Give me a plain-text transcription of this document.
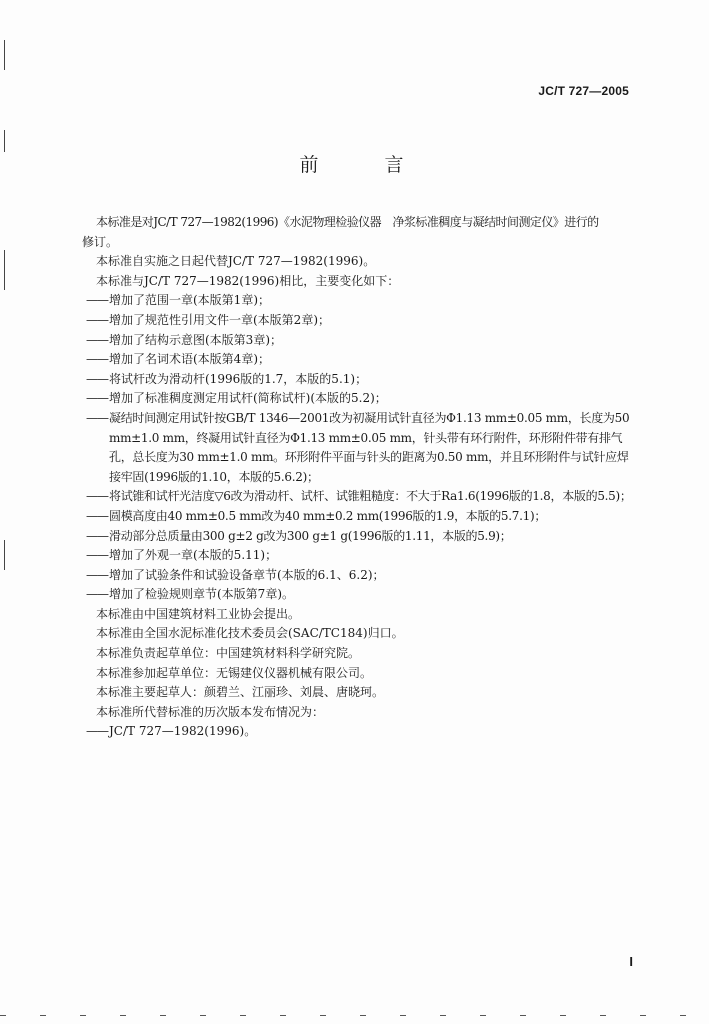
JC/T 727—2005
前 言

本标准是对JC/T 727—1982(1996)《水泥物理检验仪器　净浆标准稠度与凝结时间测定仪》进行的

修订。

本标准自实施之日起代替JC/T 727—1982(1996)。

本标准与JC/T 727—1982(1996)相比，主要变化如下：

——增加了范围一章(本版第1章)；

——增加了规范性引用文件一章(本版第2章)；

——增加了结构示意图(本版第3章)；

——增加了名词术语(本版第4章)；

——将试杆改为滑动杆(1996版的1.7，本版的5.1)；

——增加了标准稠度测定用试杆(简称试杆)(本版的5.2)；

——凝结时间测定用试针按GB/T 1346—2001改为初凝用试针直径为Φ1.13 mm±0.05 mm，长度为50 mm±1.0 mm，终凝用试针直径为Φ1.13 mm±0.05 mm，针头带有环行附件，环形附件带有排气孔，总长度为30 mm±1.0 mm。环形附件平面与针头的距离为0.50 mm，并且环形附件与试针应焊接牢固(1996版的1.10，本版的5.6.2)；

——将试锥和试杆光洁度▽6改为滑动杆、试杆、试锥粗糙度：不大于Ra1.6(1996版的1.8，本版的5.5)；

——圆模高度由40 mm±0.5 mm改为40 mm±0.2 mm(1996版的1.9，本版的5.7.1)；

——滑动部分总质量由300 g±2 g改为300 g±1 g(1996版的1.11，本版的5.9)；

——增加了外观一章(本版的5.11)；

——增加了试验条件和试验设备章节(本版的6.1、6.2)；

——增加了检验规则章节(本版第7章)。

本标准由中国建筑材料工业协会提出。

本标准由全国水泥标准化技术委员会(SAC/TC184)归口。

本标准负责起草单位：中国建筑材料科学研究院。

本标准参加起草单位：无锡建仪仪器机械有限公司。

本标准主要起草人：颜碧兰、江丽珍、刘晨、唐晓珂。

本标准所代替标准的历次版本发布情况为：

——JC/T 727—1982(1996)。

I
